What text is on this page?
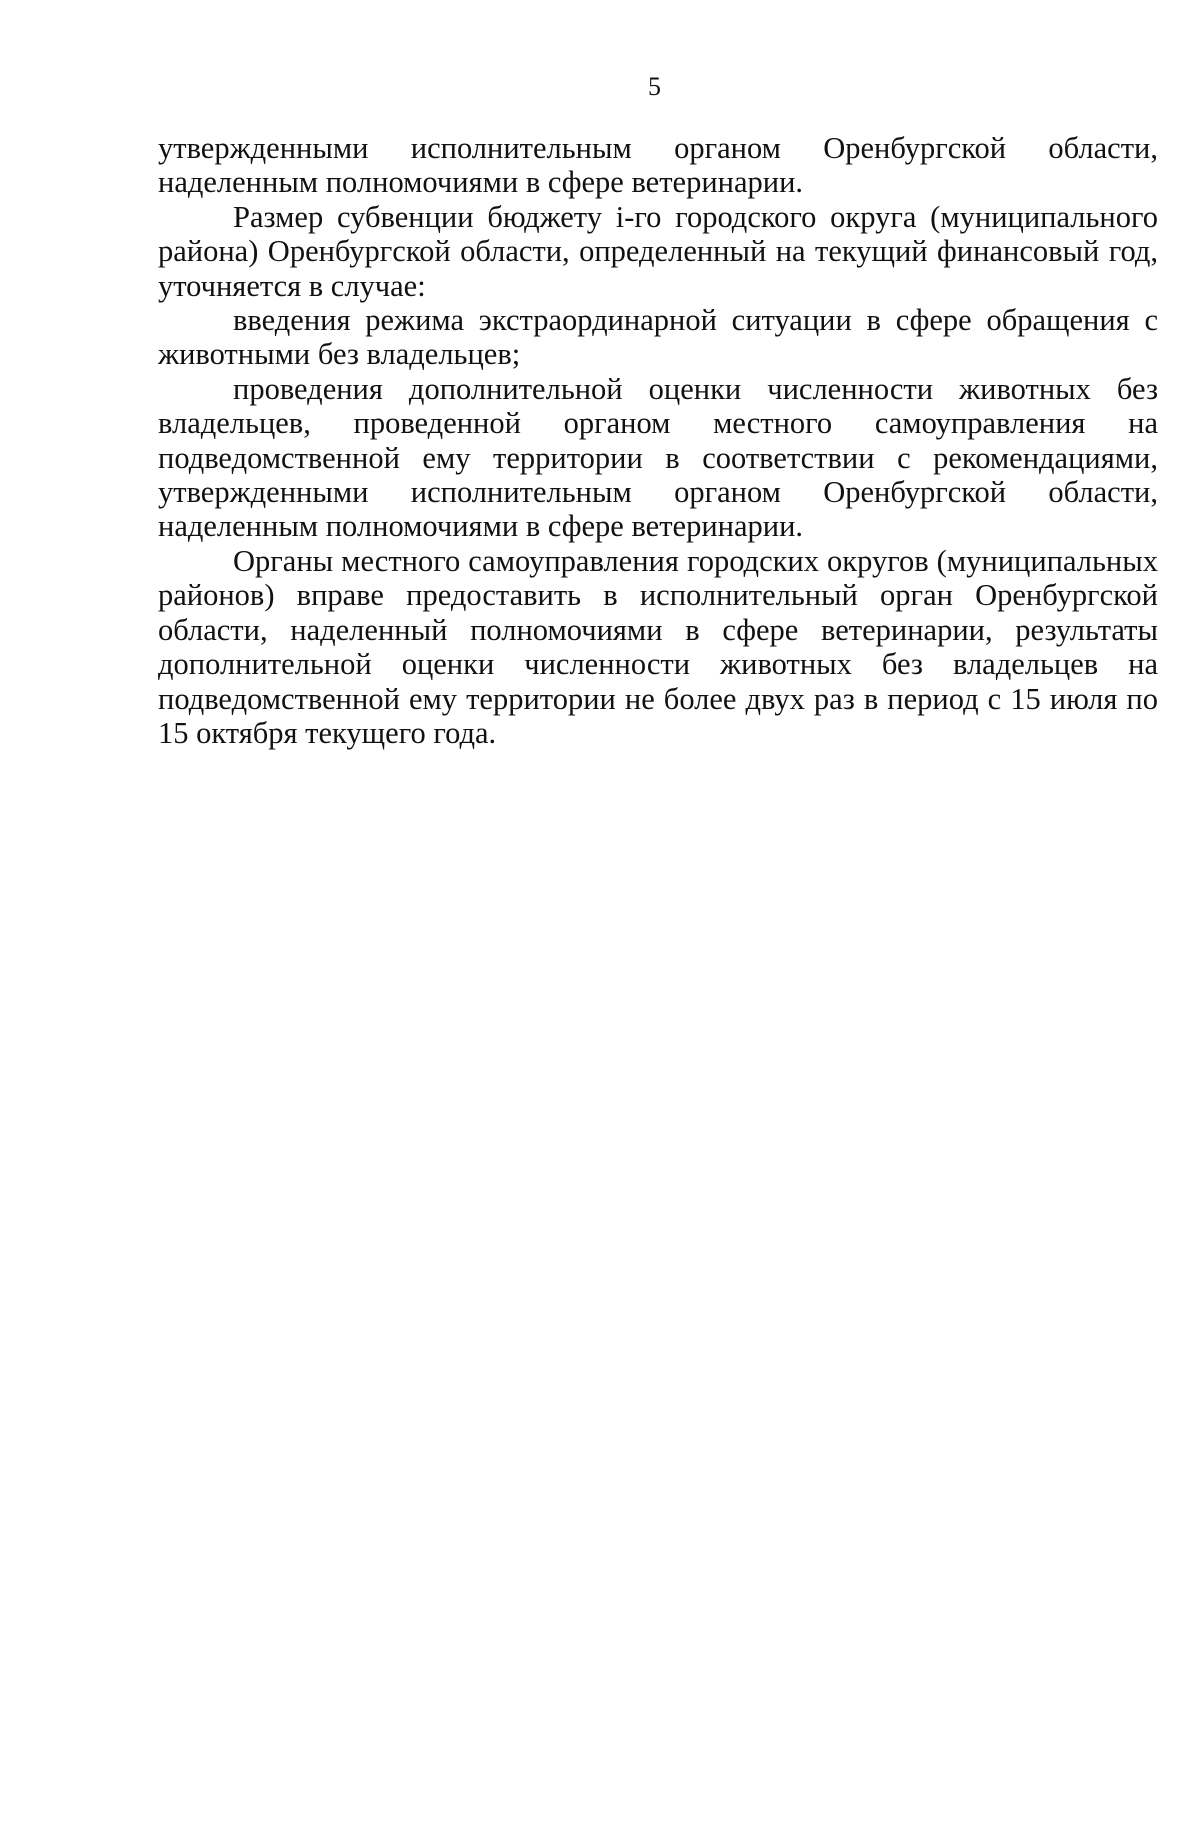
5

утвержденными исполнительным органом Оренбургской области, наделенным полномочиями в сфере ветеринарии.

Размер субвенции бюджету i-го городского округа (муниципального района) Оренбургской области, определенный на текущий финансовый год, уточняется в случае:

введения режима экстраординарной ситуации в сфере обращения с животными без владельцев;

проведения дополнительной оценки численности животных без владельцев, проведенной органом местного самоуправления на подведомственной ему территории в соответствии с рекомендациями, утвержденными исполнительным органом Оренбургской области, наделенным полномочиями в сфере ветеринарии.

Органы местного самоуправления городских округов (муниципальных районов) вправе предоставить в исполнительный орган Оренбургской области, наделенный полномочиями в сфере ветеринарии, результаты дополнительной оценки численности животных без владельцев на подведомственной ему территории не более двух раз в период с 15 июля по 15 октября текущего года.
